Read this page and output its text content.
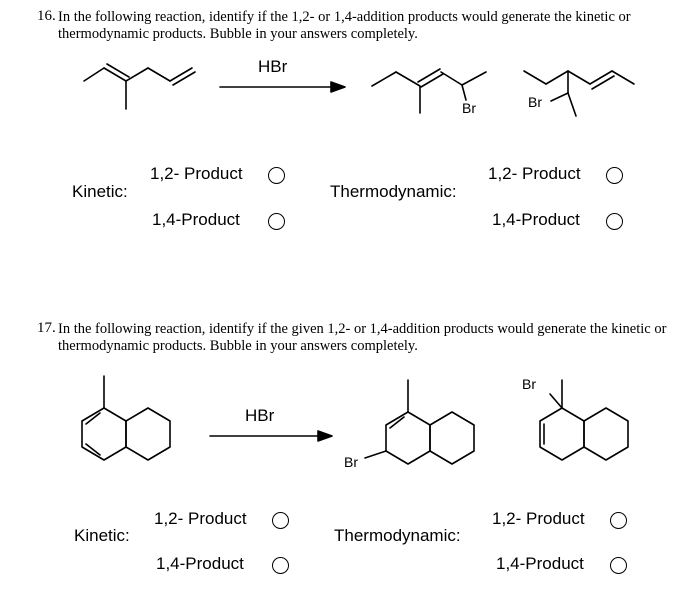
16. In the following reaction, identify if the 1,2- or 1,4-addition products would generate the kinetic or
thermodynamic products. Bubble in your answers completely.
HBr
Br	Br
Kinetic:
1,2- Product
1,4-Product
Thermodynamic:
1,2- Product
1,4-Product
17. In the following reaction, identify if the given 1,2- or 1,4-addition products would generate the kinetic or
thermodynamic products. Bubble in your answers completely.
HBr
Br
Br
Kinetic:
1,2- Product
1,4-Product
Thermodynamic:
1,2- Product
1,4-Product
